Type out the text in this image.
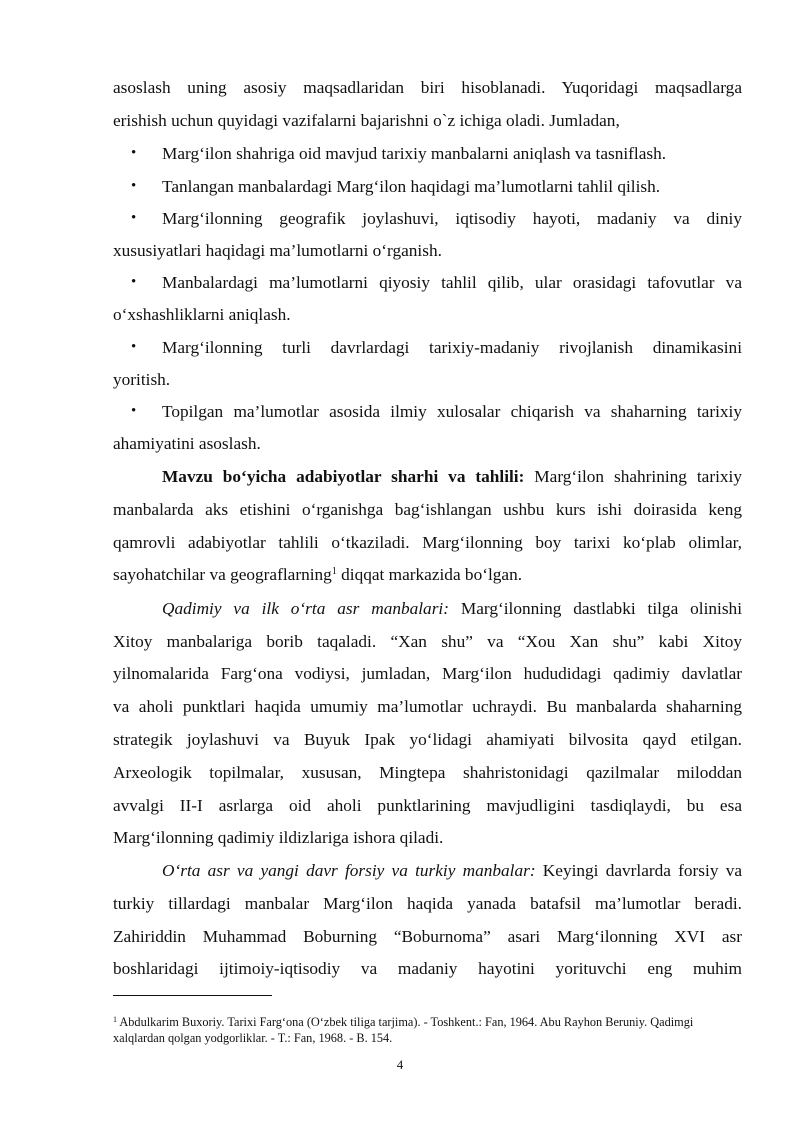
asoslash uning asosiy maqsadlaridan biri hisoblanadi. Yuqoridagi maqsadlarga
erishish uchun quyidagi vazifalarni bajarishni o`z ichiga oladi. Jumladan,
• Marg‘ilon shahriga oid mavjud tarixiy manbalarni aniqlash va tasniflash.
• Tanlangan manbalardagi Marg‘ilon haqidagi ma’lumotlarni tahlil qilish.
• Marg‘ilonning geografik joylashuvi, iqtisodiy hayoti, madaniy va diniy
xususiyatlari haqidagi ma’lumotlarni o‘rganish.
• Manbalardagi ma’lumotlarni qiyosiy tahlil qilib, ular orasidagi tafovutlar va
o‘xshashliklarni aniqlash.
• Marg‘ilonning turli davrlardagi tarixiy-madaniy rivojlanish dinamikasini
yoritish.
• Topilgan ma’lumotlar asosida ilmiy xulosalar chiqarish va shaharning tarixiy
ahamiyatini asoslash.
Mavzu bo‘yicha adabiyotlar sharhi va tahlili: Marg‘ilon shahrining tarixiy
manbalarda aks etishini o‘rganishga bag‘ishlangan ushbu kurs ishi doirasida keng
qamrovli adabiyotlar tahlili o‘tkaziladi. Marg‘ilonning boy tarixi ko‘plab olimlar,
sayohatchilar va geograflarning$^1$ diqqat markazida bo‘lgan.
Qadimiy va ilk o‘rta asr manbalari: Marg‘ilonning dastlabki tilga olinishi
Xitoy manbalariga borib taqaladi. “Xan shu” va “Xou Xan shu” kabi Xitoy
yilnomalarida Farg‘ona vodiysi, jumladan, Marg‘ilon hududidagi qadimiy davlatlar
va aholi punktlari haqida umumiy ma’lumotlar uchraydi. Bu manbalarda shaharning
strategik joylashuvi va Buyuk Ipak yo‘lidagi ahamiyati bilvosita qayd etilgan.
Arxeologik topilmalar, xususan, Mingtepa shahristonidagi qazilmalar miloddan
avvalgi II-I asrlarga oid aholi punktlarining mavjudligini tasdiqlaydi, bu esa
Marg‘ilonning qadimiy ildizlariga ishora qiladi.
O‘rta asr va yangi davr forsiy va turkiy manbalar: Keyingi davrlarda forsiy va
turkiy tillardagi manbalar Marg‘ilon haqida yanada batafsil ma’lumotlar beradi.
Zahiriddin Muhammad Boburning “Boburnoma” asari Marg‘ilonning XVI asr
boshlaridagi ijtimoiy-iqtisodiy va madaniy hayotini yorituvchi eng muhim
$^1$ Abdulkarim Buxoriy. Tarixi Farg‘ona (O‘zbek tiliga tarjima). - Toshkent.: Fan, 1964. Abu Rayhon Beruniy. Qadimgi
xalqlardan qolgan yodgorliklar. - T.: Fan, 1968. - B. 154.
4
